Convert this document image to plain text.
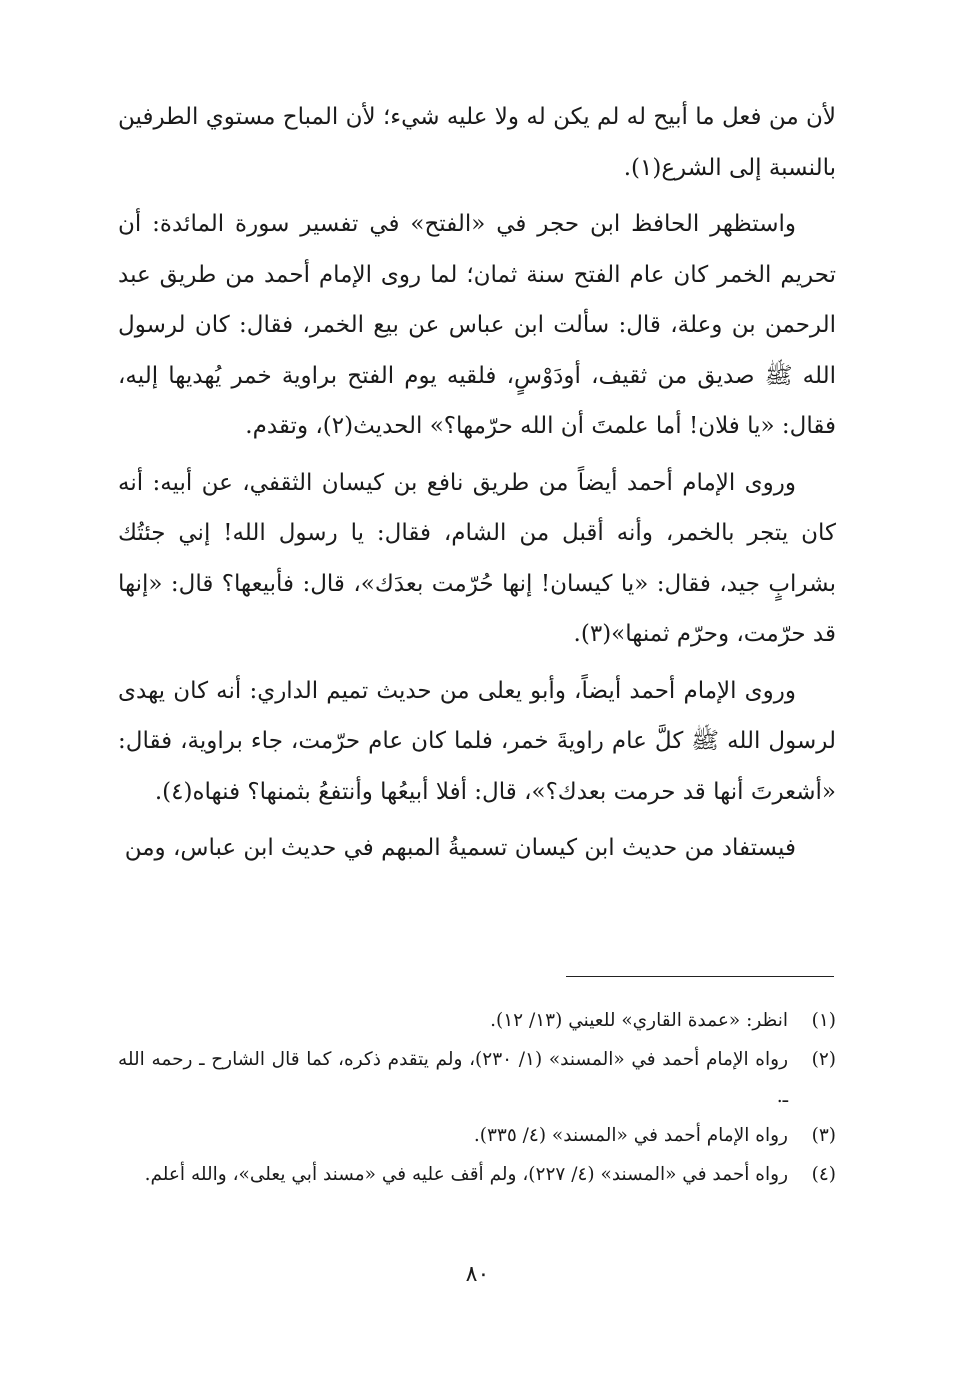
لأن من فعل ما أبيح له لم يكن له ولا عليه شيء؛ لأن المباح مستوي الطرفين بالنسبة إلى الشرع(١).

واستظهر الحافظ ابن حجر في «الفتح» في تفسير سورة المائدة: أن تحريم الخمر كان عام الفتح سنة ثمان؛ لما روى الإمام أحمد من طريق عبد الرحمن بن وعلة، قال: سألت ابن عباس عن بيع الخمر، فقال: كان لرسول الله ﷺ صديق من ثقيف، أودَوْسٍ، فلقيه يوم الفتح براوية خمر يُهديها إليه، فقال: «يا فلان! أما علمتَ أن الله حرّمها؟» الحديث(٢)، وتقدم.

وروى الإمام أحمد أيضاً من طريق نافع بن كيسان الثقفي، عن أبيه: أنه كان يتجر بالخمر، وأنه أقبل من الشام، فقال: يا رسول الله! إني جئتُك بشرابٍ جيد، فقال: «يا كيسان! إنها حُرّمت بعدَك»، قال: فأبيعها؟ قال: «إنها قد حرّمت، وحرّم ثمنها»(٣).

وروى الإمام أحمد أيضاً، وأبو يعلى من حديث تميم الداري: أنه كان يهدى لرسول الله ﷺ كلَّ عام راويةَ خمر، فلما كان عام حرّمت، جاء براوية، فقال: «أشعرتَ أنها قد حرمت بعدك؟»، قال: أفلا أبيعُها وأنتفعُ بثمنها؟ فنهاه(٤).

فيستفاد من حديث ابن كيسان تسميةُ المبهم في حديث ابن عباس، ومن

(١)
انظر: «عمدة القاري» للعيني (١٣/ ١٢).
(٢)
رواه الإمام أحمد في «المسند» (١/ ٢٣٠)، ولم يتقدم ذكره، كما قال الشارح ـ رحمه الله ـ.
(٣)
رواه الإمام أحمد في «المسند» (٤/ ٣٣٥).
(٤)
رواه أحمد في «المسند» (٤/ ٢٢٧)، ولم أقف عليه في «مسند أبي يعلى»، والله أعلم.
٨٠
